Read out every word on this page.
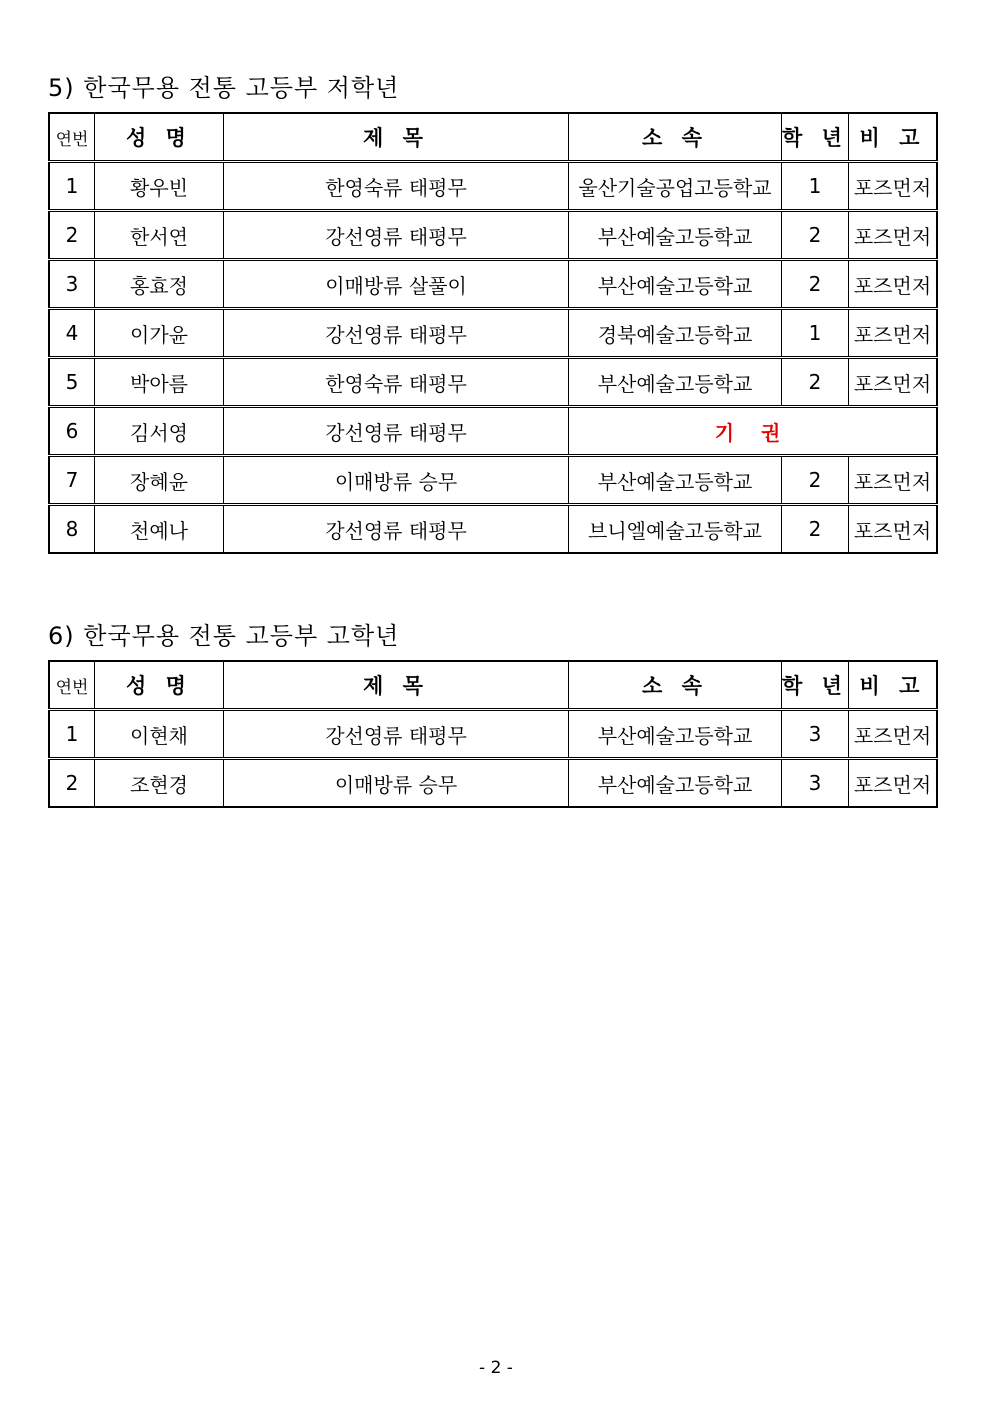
5) 한국무용 전통 고등부 저학년
연번	성 명	제 목	소 속	학 년	비 고
1	황우빈	한영숙류 태평무	울산기술공업고등학교	1	포즈먼저
2	한서연	강선영류 태평무	부산예술고등학교	2	포즈먼저
3	홍효정	이매방류 살풀이	부산예술고등학교	2	포즈먼저
4	이가윤	강선영류 태평무	경북예술고등학교	1	포즈먼저
5	박아름	한영숙류 태평무	부산예술고등학교	2	포즈먼저
6	김서영	강선영류 태평무	기 권		
7	장혜윤	이매방류 승무	부산예술고등학교	2	포즈먼저
8	천예나	강선영류 태평무	브니엘예술고등학교	2	포즈먼저
6) 한국무용 전통 고등부 고학년
연번	성 명	제 목	소 속	학 년	비 고
1	이현채	강선영류 태평무	부산예술고등학교	3	포즈먼저
2	조현경	이매방류 승무	부산예술고등학교	3	포즈먼저
- 2 -
